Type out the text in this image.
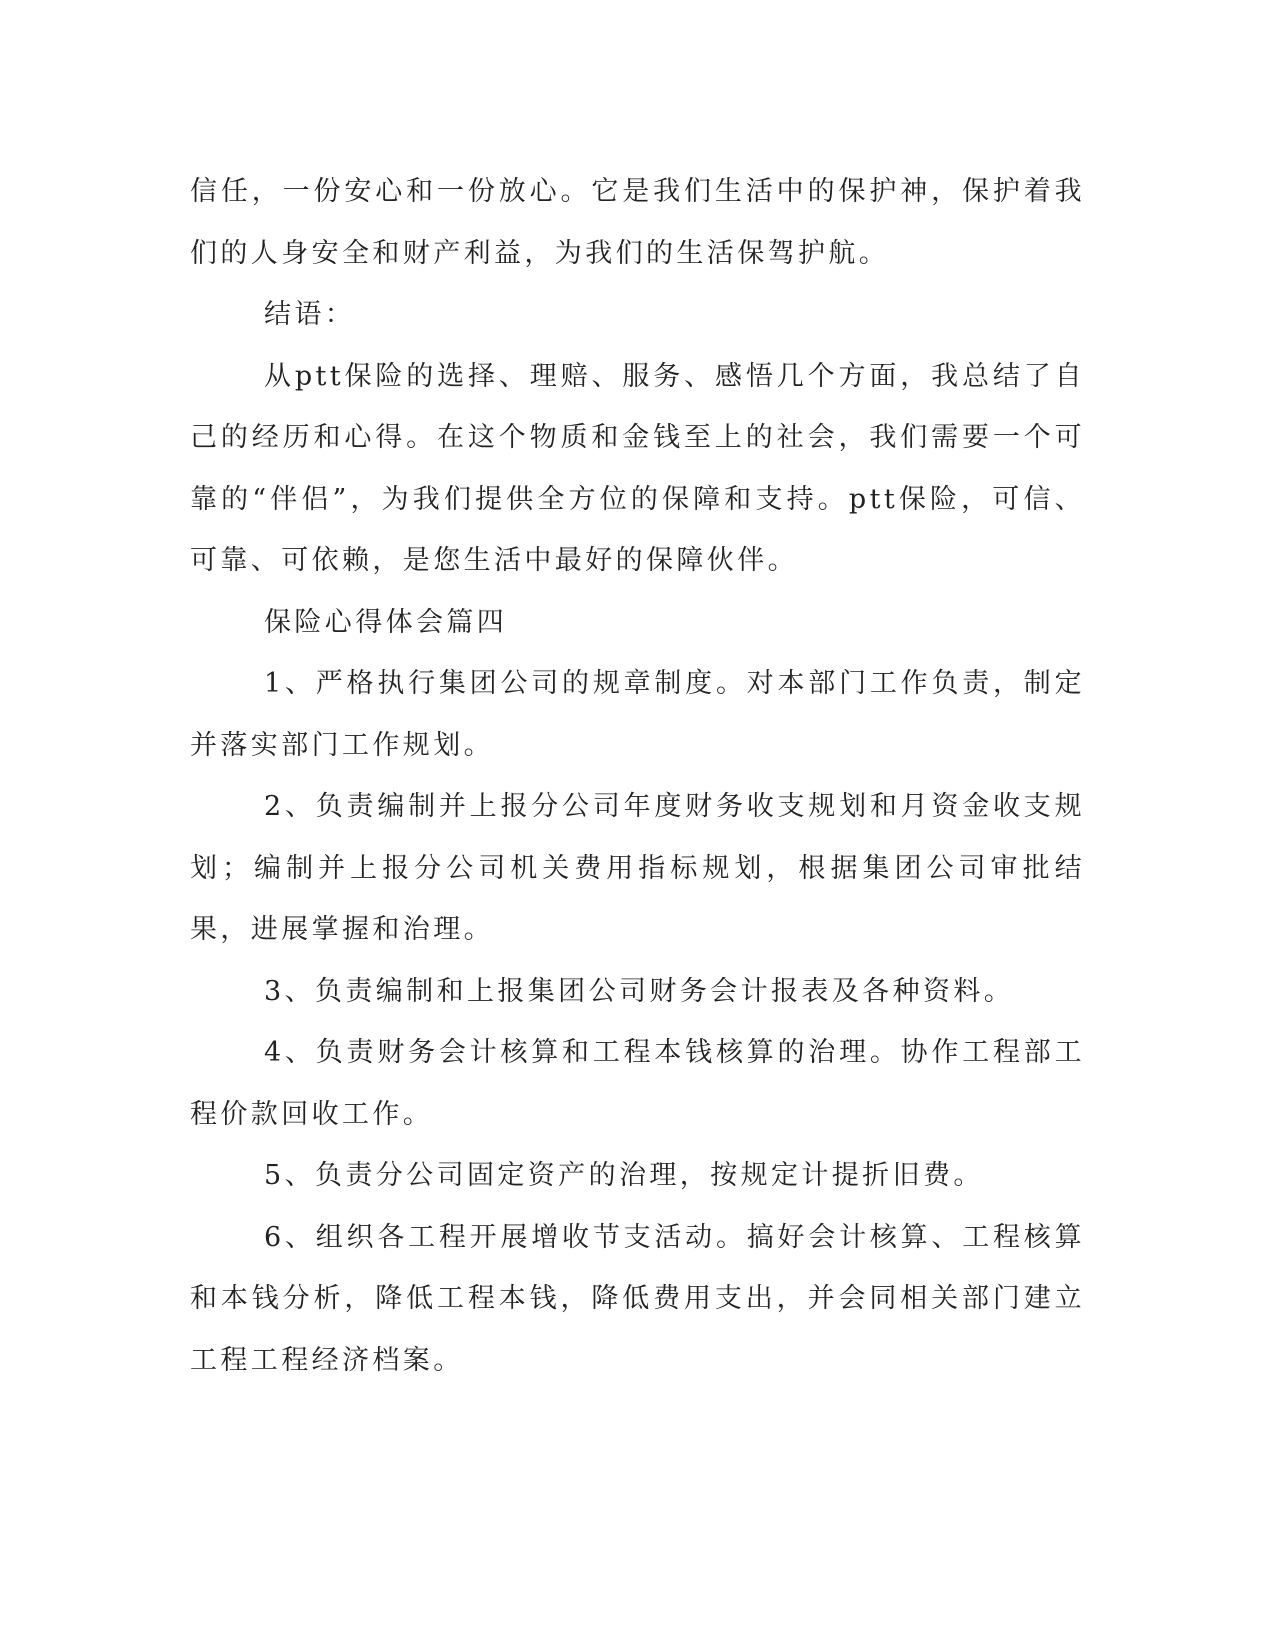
信任，一份安心和一份放心。它是我们生活中的保护神，保护着我们的人身安全和财产利益，为我们的生活保驾护航。

结语：

从ptt保险的选择、理赔、服务、感悟几个方面，我总结了自己的经历和心得。在这个物质和金钱至上的社会，我们需要一个可靠的“伴侣”，为我们提供全方位的保障和支持。ptt保险，可信、可靠、可依赖，是您生活中最好的保障伙伴。

保险心得体会篇四

1、严格执行集团公司的规章制度。对本部门工作负责，制定并落实部门工作规划。

2、负责编制并上报分公司年度财务收支规划和月资金收支规划；编制并上报分公司机关费用指标规划，根据集团公司审批结果，进展掌握和治理。

3、负责编制和上报集团公司财务会计报表及各种资料。

4、负责财务会计核算和工程本钱核算的治理。协作工程部工程价款回收工作。

5、负责分公司固定资产的治理，按规定计提折旧费。

6、组织各工程开展增收节支活动。搞好会计核算、工程核算和本钱分析，降低工程本钱，降低费用支出，并会同相关部门建立工程工程经济档案。
